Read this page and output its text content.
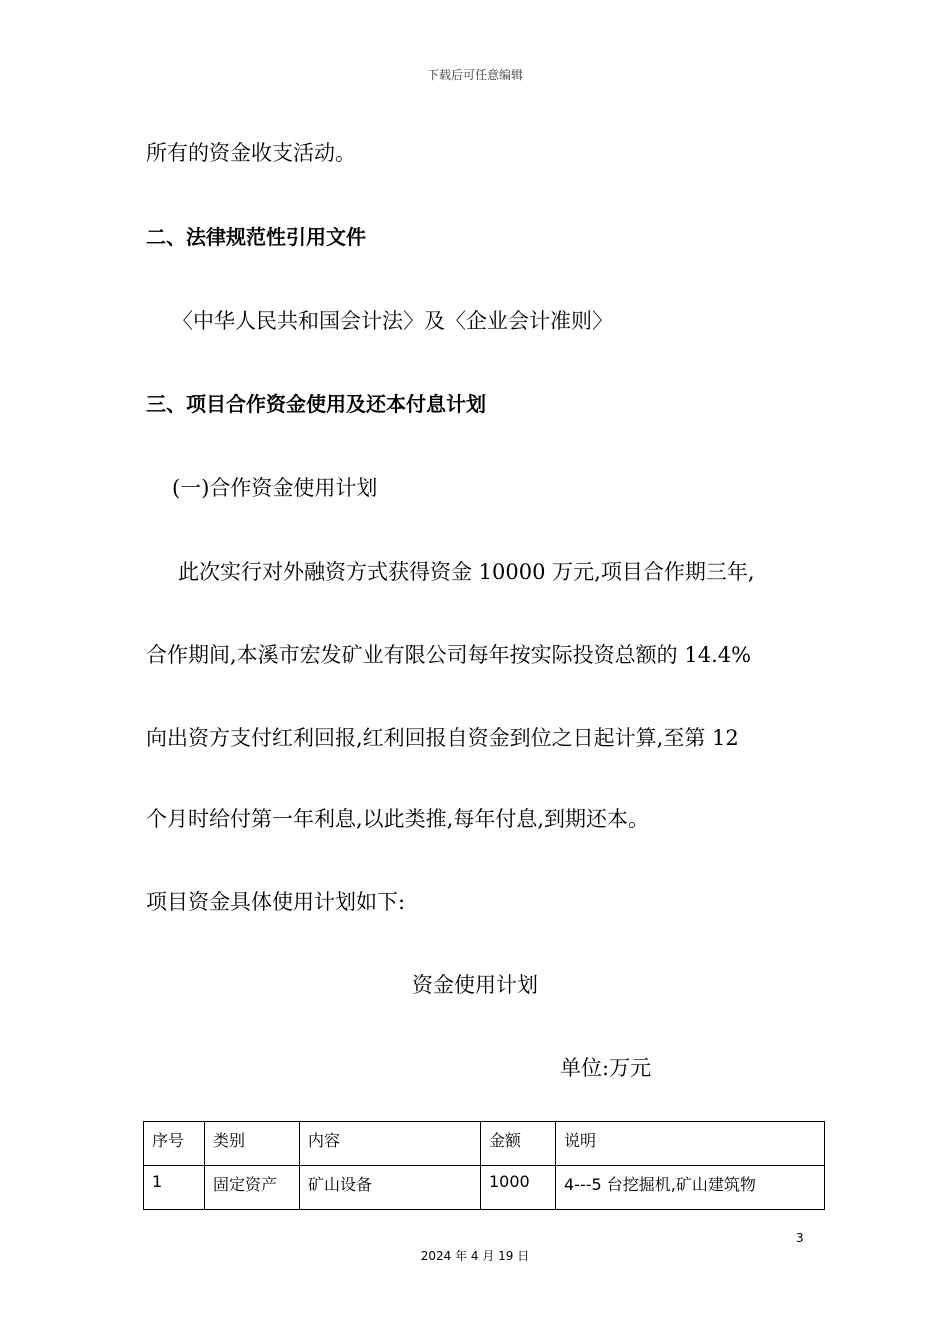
下载后可任意编辑
所有的资金收支活动。
二、法律规范性引用文件
〈中华人民共和国会计法〉及〈企业会计准则〉
三、项目合作资金使用及还本付息计划
(一)合作资金使用计划
此次实行对外融资方式获得资金 10000 万元,项目合作期三年,
合作期间,本溪市宏发矿业有限公司每年按实际投资总额的 14.4%
向出资方支付红利回报,红利回报自资金到位之日起计算,至第 12
个月时给付第一年利息,以此类推,每年付息,到期还本。
项目资金具体使用计划如下:
资金使用计划
单位:万元
序号	类别	内容	金额	说明
1	固定资产	矿山设备	1000	4---5 台挖掘机,矿山建筑物
3
2024 年 4 月 19 日
